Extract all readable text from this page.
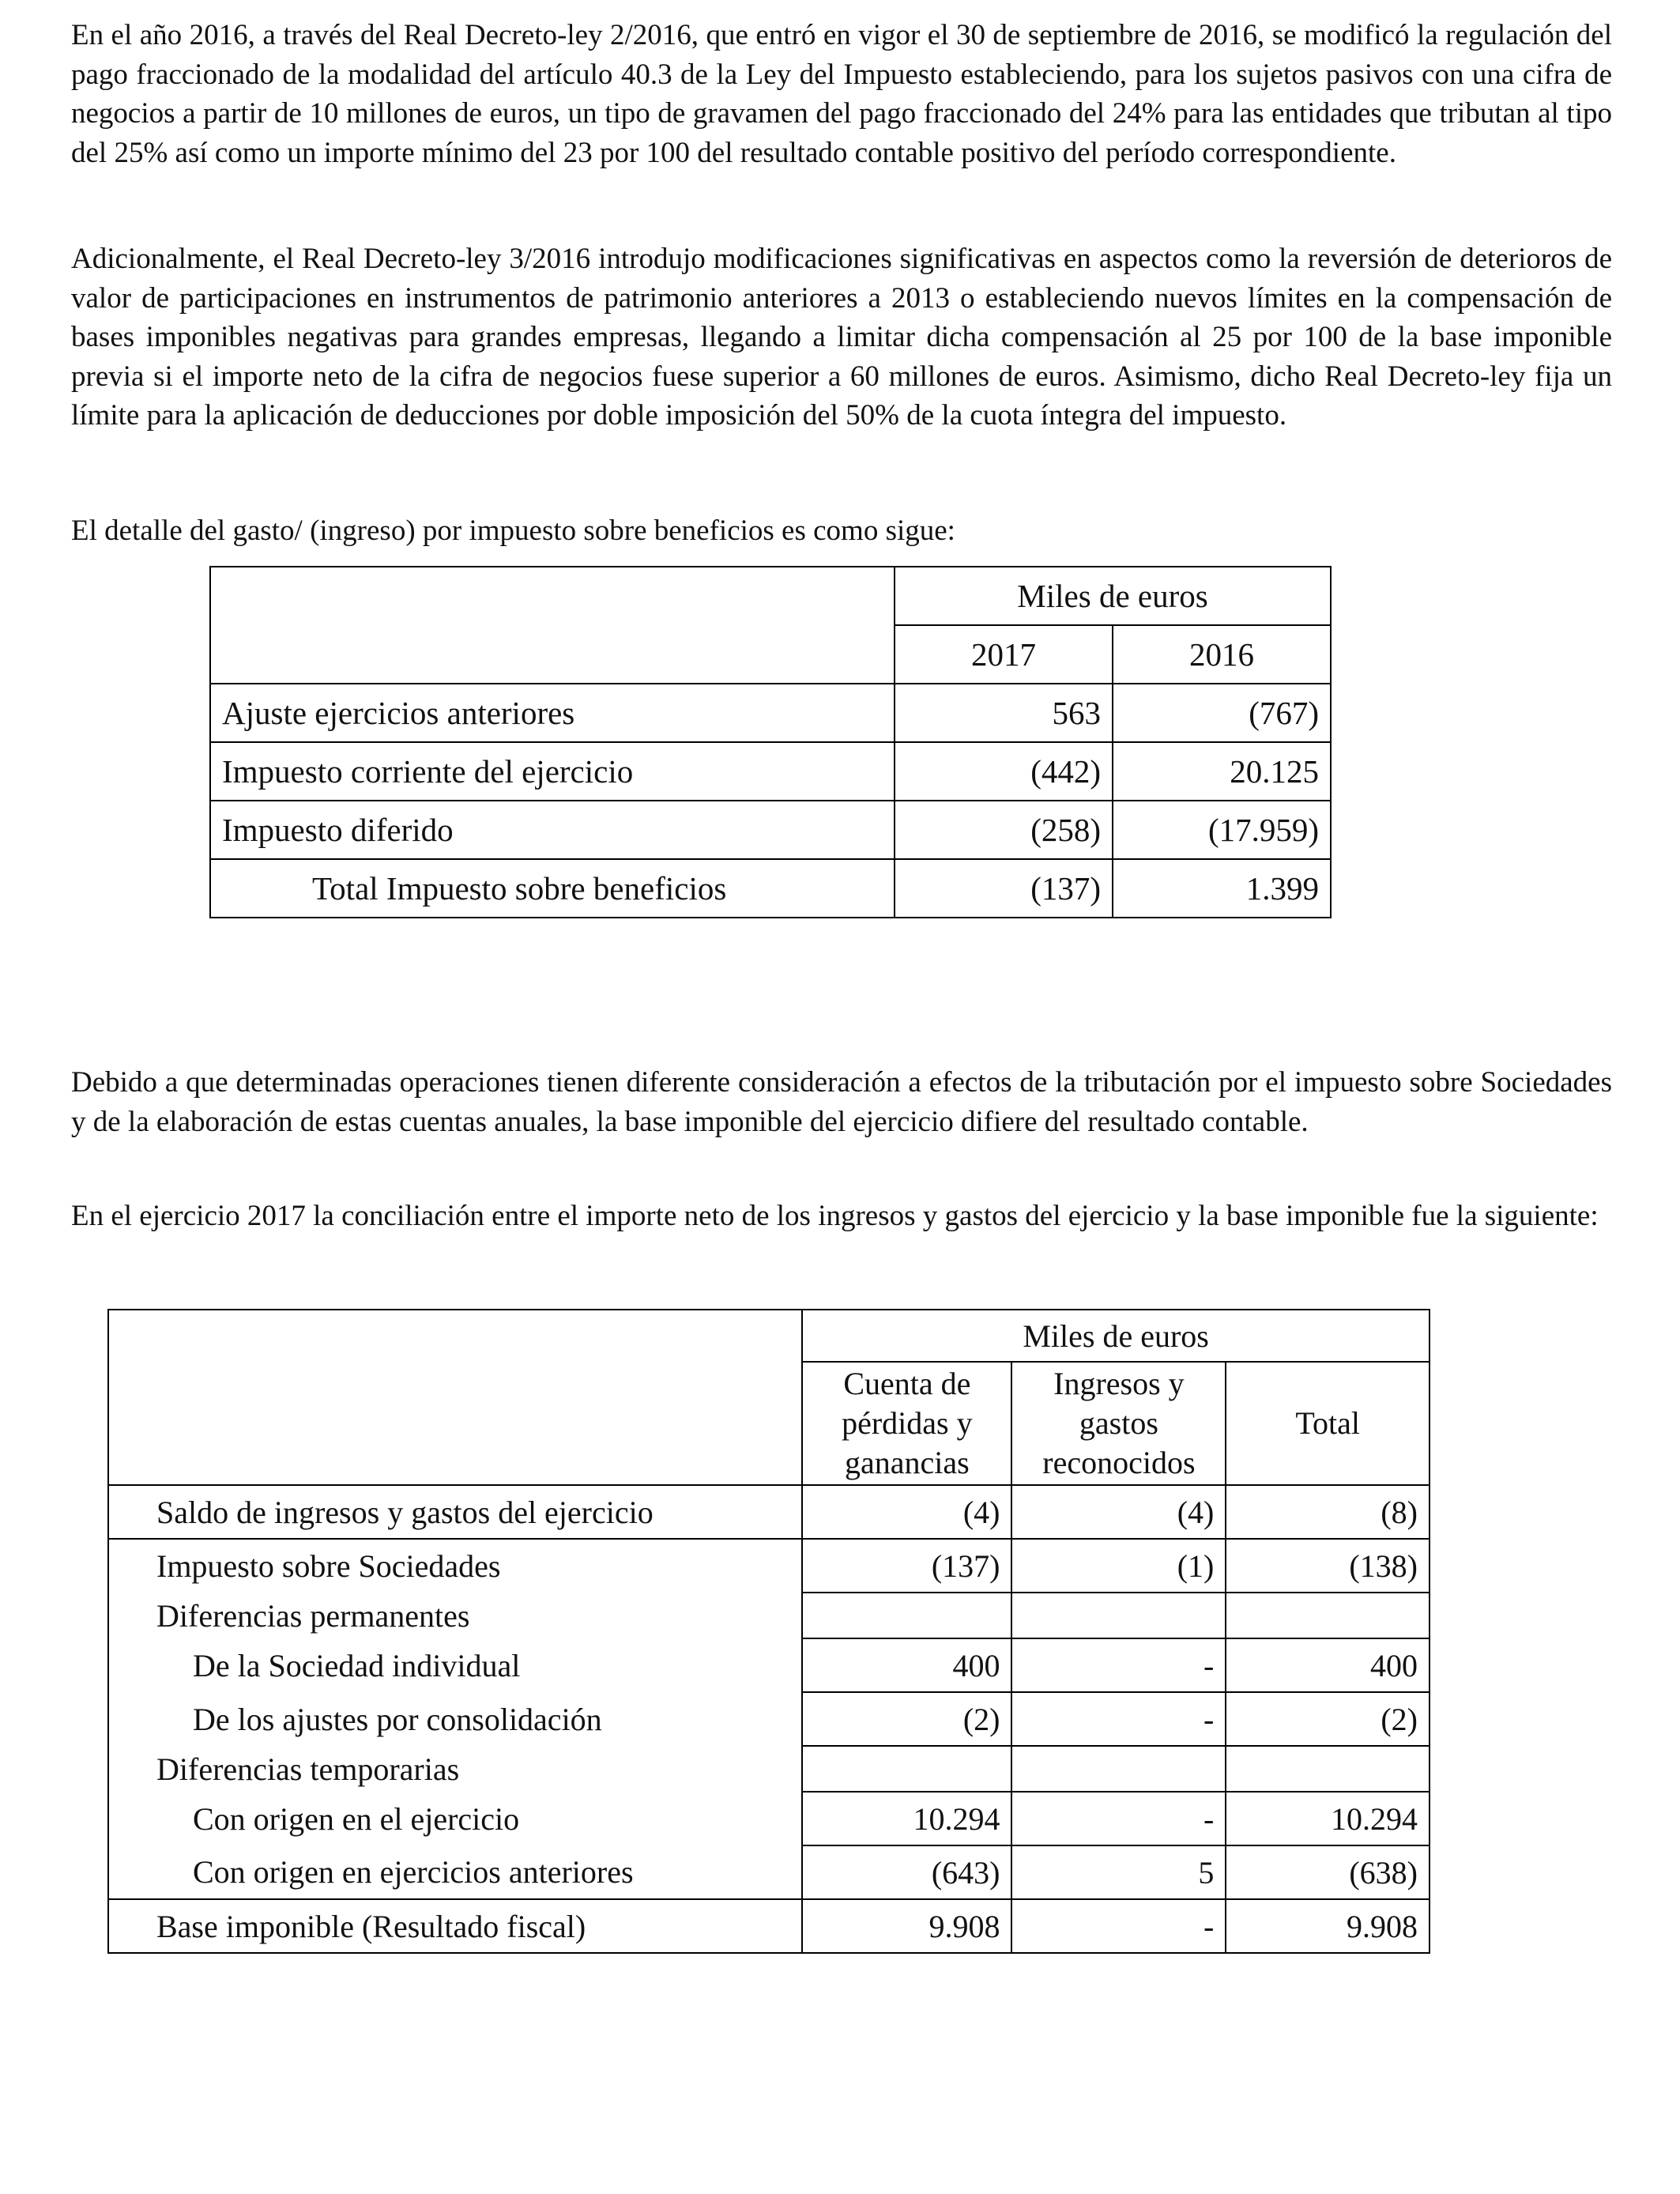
En el año 2016, a través del Real Decreto-ley 2/2016, que entró en vigor el 30 de septiembre de 2016, se modificó la regulación del pago fraccionado de la modalidad del artículo 40.3 de la Ley del Impuesto estableciendo, para los sujetos pasivos con una cifra de negocios a partir de 10 millones de euros, un tipo de gravamen del pago fraccionado del 24% para las entidades que tributan al tipo del 25% así como un importe mínimo del 23 por 100 del resultado contable positivo del período correspondiente.

Adicionalmente, el Real Decreto-ley 3/2016 introdujo modificaciones significativas en aspectos como la reversión de deterioros de valor de participaciones en instrumentos de patrimonio anteriores a 2013 o estableciendo nuevos límites en la compensación de bases imponibles negativas para grandes empresas, llegando a limitar dicha compensación al 25 por 100 de la base imponible previa si el importe neto de la cifra de negocios fuese superior a 60 millones de euros. Asimismo, dicho Real Decreto-ley fija un límite para la aplicación de deducciones por doble imposición del 50% de la cuota íntegra del impuesto.

El detalle del gasto/ (ingreso) por impuesto sobre beneficios es como sigue:

Debido a que determinadas operaciones tienen diferente consideración a efectos de la tributación por el impuesto sobre Sociedades y de la elaboración de estas cuentas anuales, la base imponible del ejercicio difiere del resultado contable.

En el ejercicio 2017 la conciliación entre el importe neto de los ingresos y gastos del ejercicio y la base imponible fue la siguiente:

	Miles de euros	
	2017	2016
Ajuste ejercicios anteriores	563	(767)
Impuesto corriente del ejercicio	(442)	20.125
Impuesto diferido	(258)	(17.959)
Total Impuesto sobre beneficios	(137)	1.399
	Miles de euros		
	Cuenta de
pérdidas y
ganancias	Ingresos y
gastos
reconocidos	Total
Saldo de ingresos y gastos del ejercicio	(4)	(4)	(8)
Impuesto sobre Sociedades	(137)	(1)	(138)
Diferencias permanentes			
De la Sociedad individual	400	-	400
De los ajustes por consolidación	(2)	-	(2)
Diferencias temporarias			
Con origen en el ejercicio	10.294	-	10.294
Con origen en ejercicios anteriores	(643)	5	(638)
Base imponible (Resultado fiscal)	9.908	-	9.908
